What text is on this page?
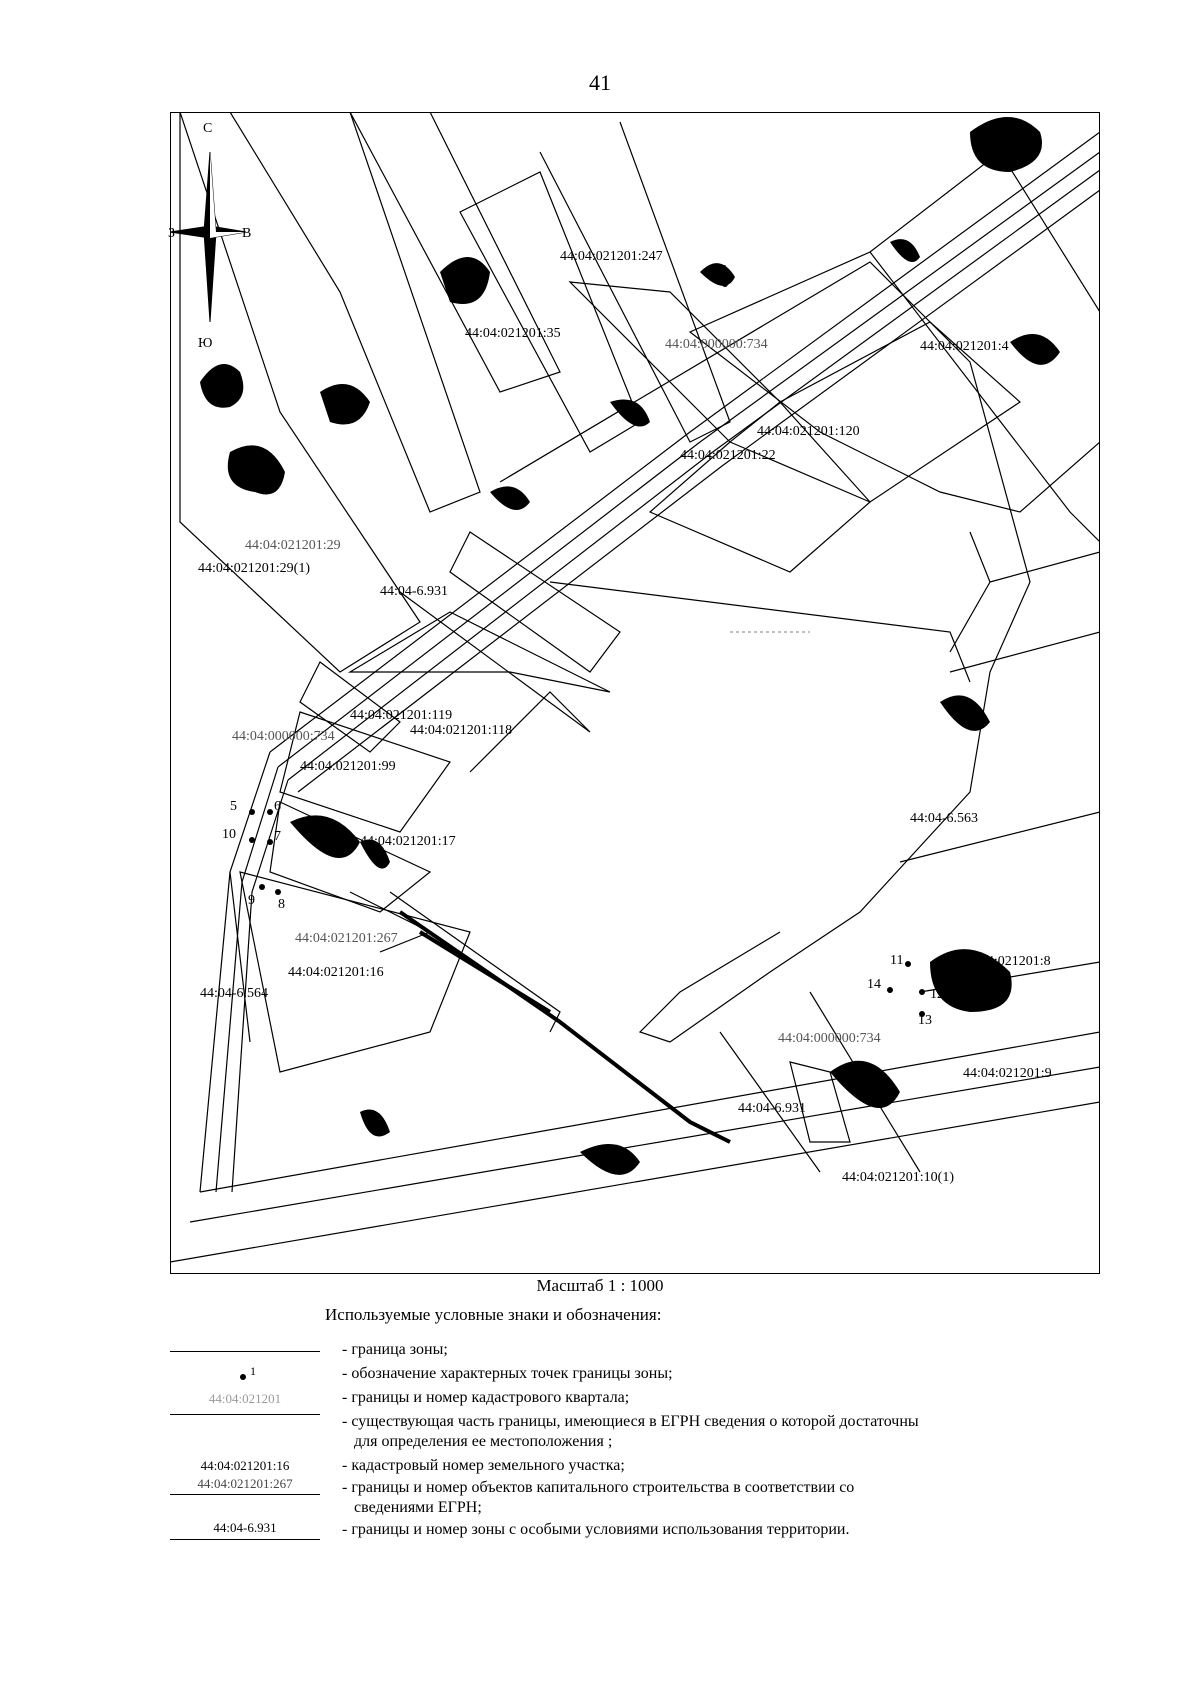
41
С
З	В
Ю
44:04:021201:247
44:04:021201:35
44:04:000000:734	44:04:021201:4
44:04:021201:120
44:04:021201:22
44:04:021201:29
44:04:021201:29(1)
44:04-6.931
44:04:021201:119
44:04:021201:118
44:04:000000:734
44:04:021201:99
44:04-6.563
44:04:021201:17
44:04:021201:267
44:04:021201:16
44:04-6.564
44:04:021201:8
44:04:000000:734
44:04:021201:9
44:04-6.931
44:04:021201:10(1)
4
5	6
7
8
9
10
11
12
13
14
Масштаб 1 : 1000
Используемые условные знаки и обозначения:
- граница зоны;
1	- обозначение характерных точек границы зоны;
44:04:021201	- границы и номер кадастрового квартала;
- существующая часть границы, имеющиеся в ЕГРН сведения о которой достаточны
для определения ее местоположения ;
44:04:021201:16	- кадастровый номер земельного участка;
44:04:021201:267	- границы и номер объектов капитального строительства в соответствии со
сведениями ЕГРН;
44:04-6.931	- границы и номер зоны с особыми условиями использования территории.
